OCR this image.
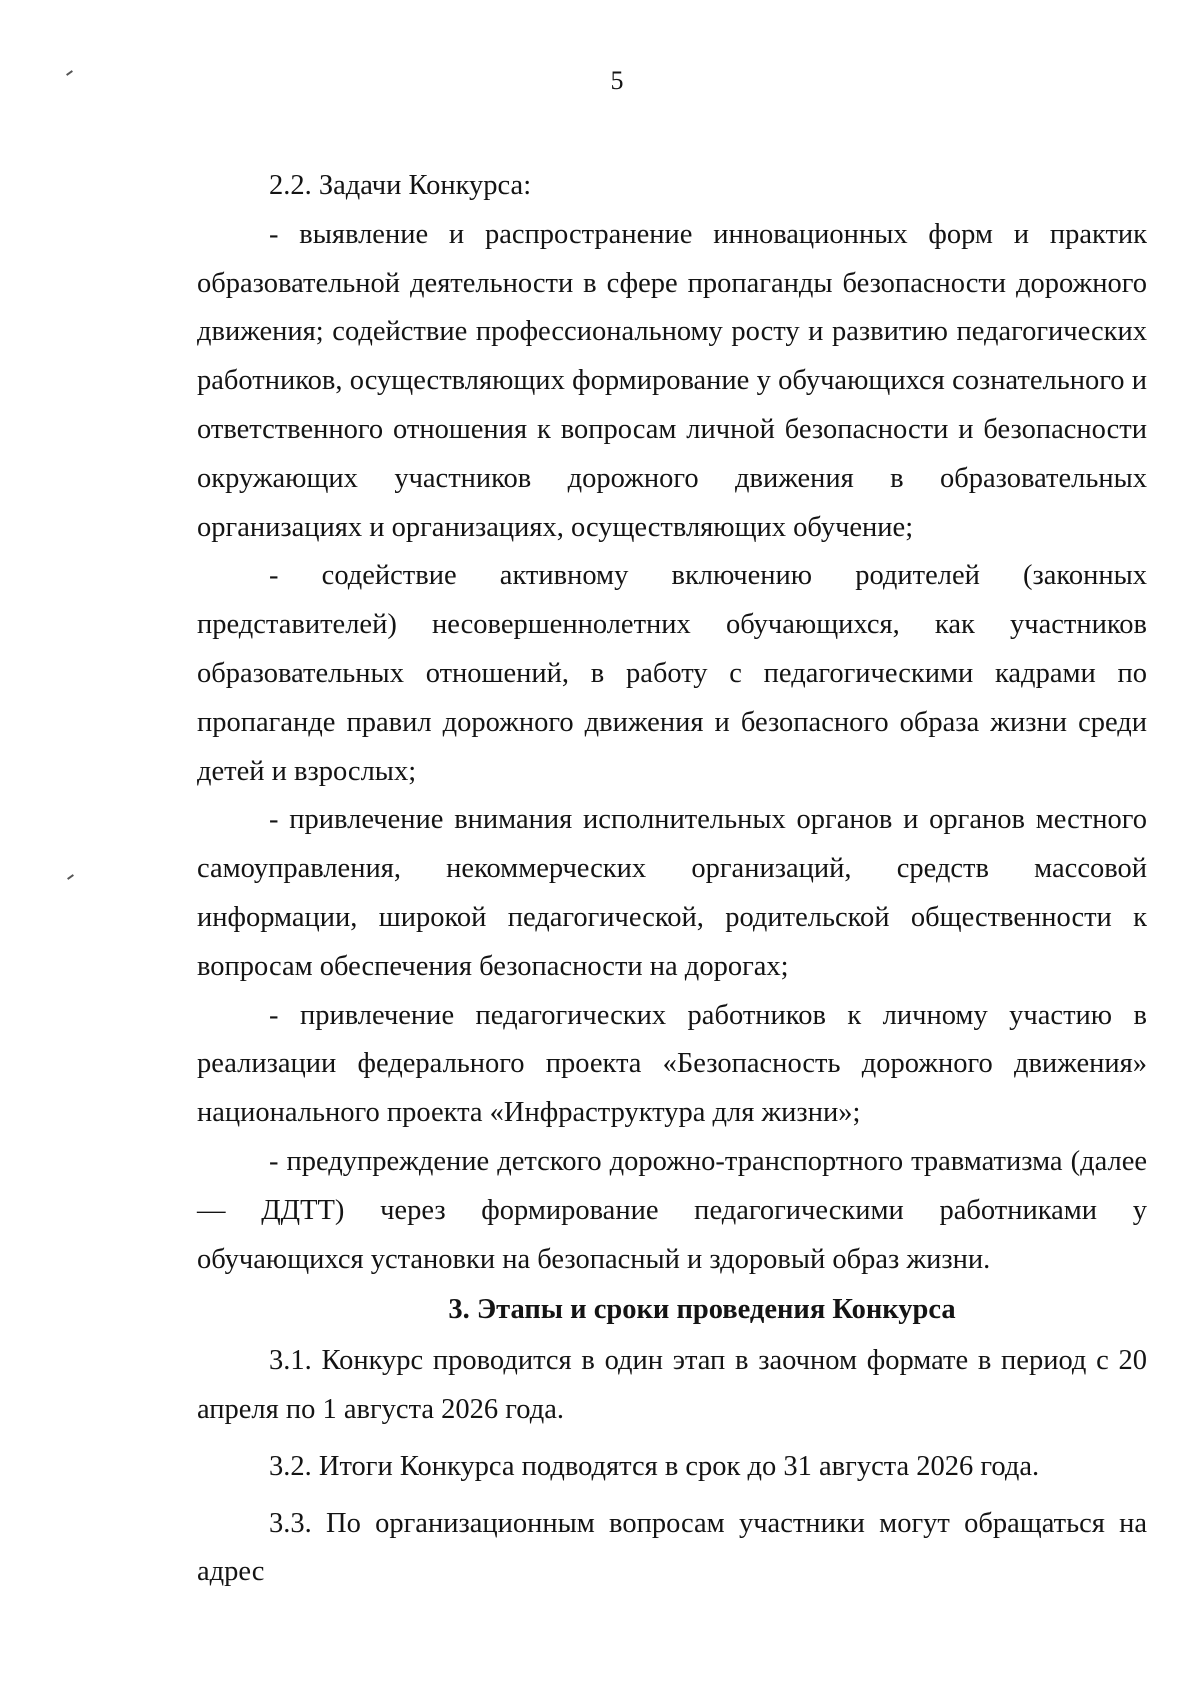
5

2.2. Задачи Конкурса:

- выявление и распространение инновационных форм и практик образовательной деятельности в сфере пропаганды безопасности дорожного движения; содействие профессиональному росту и развитию педагогических работников, осуществляющих формирование у обучающихся сознательного и ответственного отношения к вопросам личной безопасности и безопасности окружающих участников дорожного движения в образовательных организациях и организациях, осуществляющих обучение;

- содействие активному включению родителей (законных представителей) несовершеннолетних обучающихся, как участников образовательных отношений, в работу с педагогическими кадрами по пропаганде правил дорожного движения и безопасного образа жизни среди детей и взрослых;

- привлечение внимания исполнительных органов и органов местного самоуправления, некоммерческих организаций, средств массовой информации, широкой педагогической, родительской общественности к вопросам обеспечения безопасности на дорогах;

- привлечение педагогических работников к личному участию в реализации федерального проекта «Безопасность дорожного движения» национального проекта «Инфраструктура для жизни»;

- предупреждение детского дорожно-транспортного травматизма (далее — ДДТТ) через формирование педагогическими работниками у обучающихся установки на безопасный и здоровый образ жизни.

3. Этапы и сроки проведения Конкурса

3.1. Конкурс проводится в один этап в заочном формате в период с 20 апреля по 1 августа 2026 года.

3.2. Итоги Конкурса подводятся в срок до 31 августа 2026 года.

3.3. По организационным вопросам участники могут обращаться на адрес
